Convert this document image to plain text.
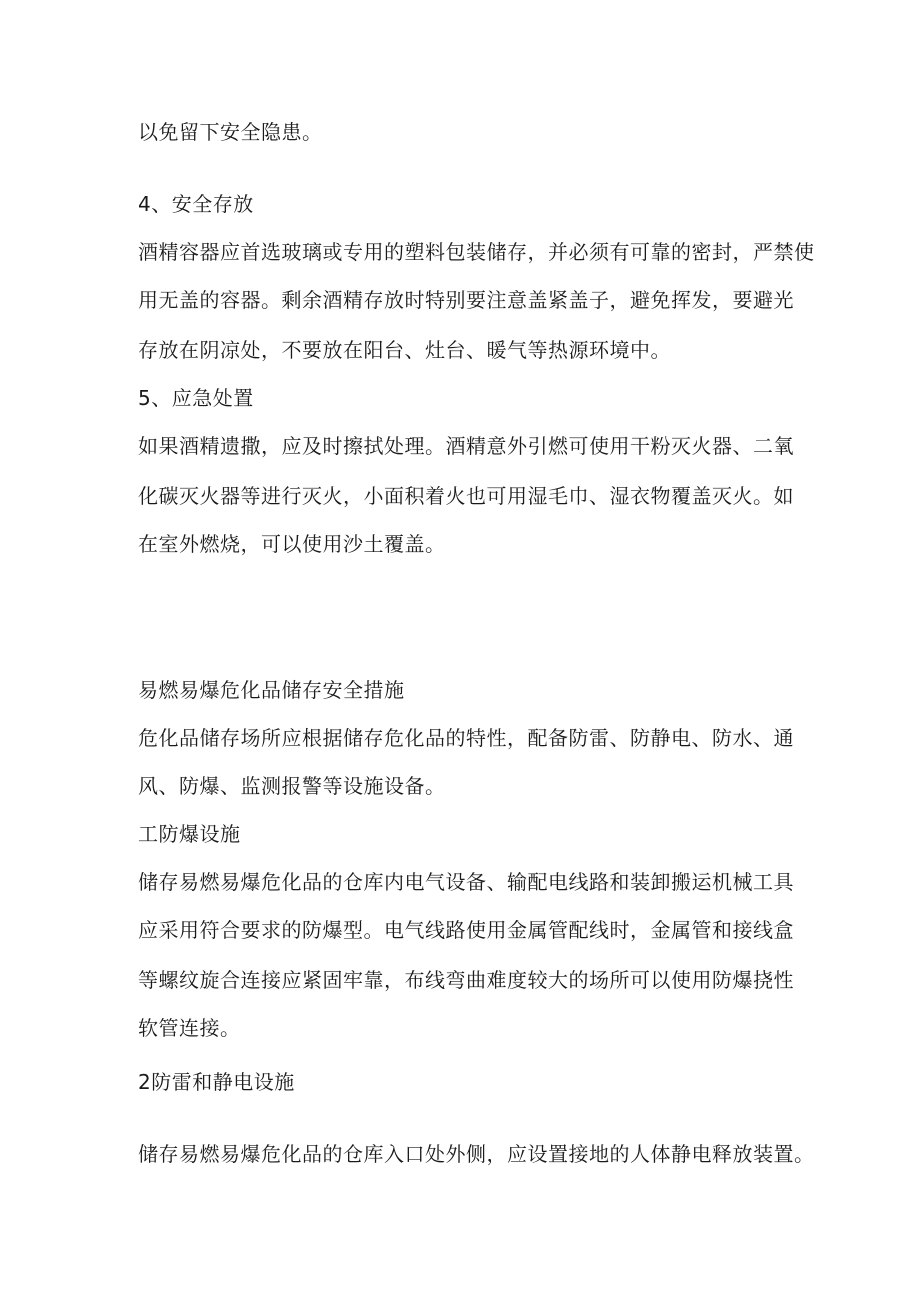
以免留下安全隐患。
4、安全存放
酒精容器应首选玻璃或专用的塑料包装储存，并必须有可靠的密封，严禁使
用无盖的容器。剩余酒精存放时特别要注意盖紧盖子，避免挥发，要避光
存放在阴凉处，不要放在阳台、灶台、暖气等热源环境中。
5、应急处置
如果酒精遗撒，应及时擦拭处理。酒精意外引燃可使用干粉灭火器、二氧
化碳灭火器等进行灭火，小面积着火也可用湿毛巾、湿衣物覆盖灭火。如
在室外燃烧，可以使用沙土覆盖。
易燃易爆危化品储存安全措施
危化品储存场所应根据储存危化品的特性，配备防雷、防静电、防水、通
风、防爆、监测报警等设施设备。
工防爆设施
储存易燃易爆危化品的仓库内电气设备、输配电线路和装卸搬运机械工具
应采用符合要求的防爆型。电气线路使用金属管配线时，金属管和接线盒
等螺纹旋合连接应紧固牢靠，布线弯曲难度较大的场所可以使用防爆挠性
软管连接。
2防雷和静电设施
储存易燃易爆危化品的仓库入口处外侧，应设置接地的人体静电释放装置。
